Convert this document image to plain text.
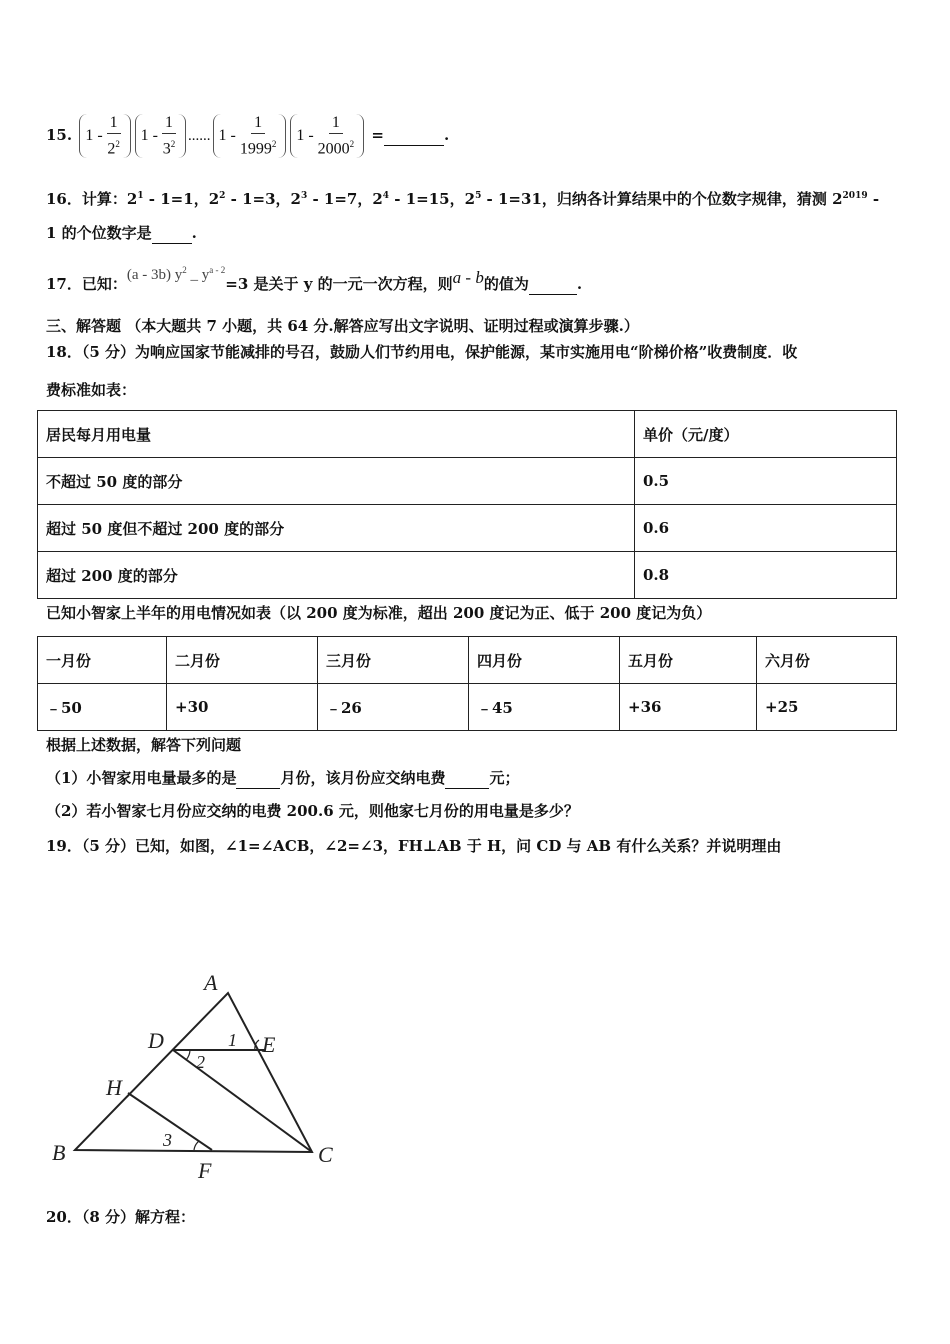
15. $1 - \frac{1}{2^2} 1 - \frac{1}{3^2}$ ...... $1 - \frac{1}{1999^2} 1 - \frac{1}{2000^2}$ =	.
16．计算：$2^1 - 1=1$，$2^2 - 1=3$，$2^3 - 1=7$，$2^4 - 1=15$，$2^5 - 1=31$，归纳各计算结果中的个位数字规律，猜测 $2^{2019}$ -
1 的个位数字是	.
17．已知：(a - 3b) $y^2$ _ $y^{a - 2}=3$ 是关于 y 的一元一次方程，则a - b的值为	.
三、解答题 （本大题共 7 小题，共 64 分.解答应写出文字说明、证明过程或演算步骤.）
18．（5 分）为响应国家节能减排的号召，鼓励人们节约用电，保护能源，某市实施用电“阶梯价格”收费制度．收
费标准如表：
居民每月用电量	单价（元/度）
不超过 50 度的部分	0.5
超过 50 度但不超过 200 度的部分	0.6
超过 200 度的部分	0.8
已知小智家上半年的用电情况如表（以 200 度为标准，超出 200 度记为正、低于 200 度记为负）
一月份	二月份	三月份	四月份	五月份	六月份
﹣50	+30	﹣26	﹣45	+36	+25
根据上述数据，解答下列问题
（1）小智家用电量最多的是	月份，该月份应交纳电费	元；
（2）若小智家七月份应交纳的电费 200.6 元，则他家七月份的用电量是多少？
19．（5 分）已知，如图，∠1=∠ACB，∠2=∠3，FH⊥AB 于 H，问 CD 与 AB 有什么关系？并说明理由
A
B	C
D	E
F
H
1
2
3
20．（8 分）解方程：
